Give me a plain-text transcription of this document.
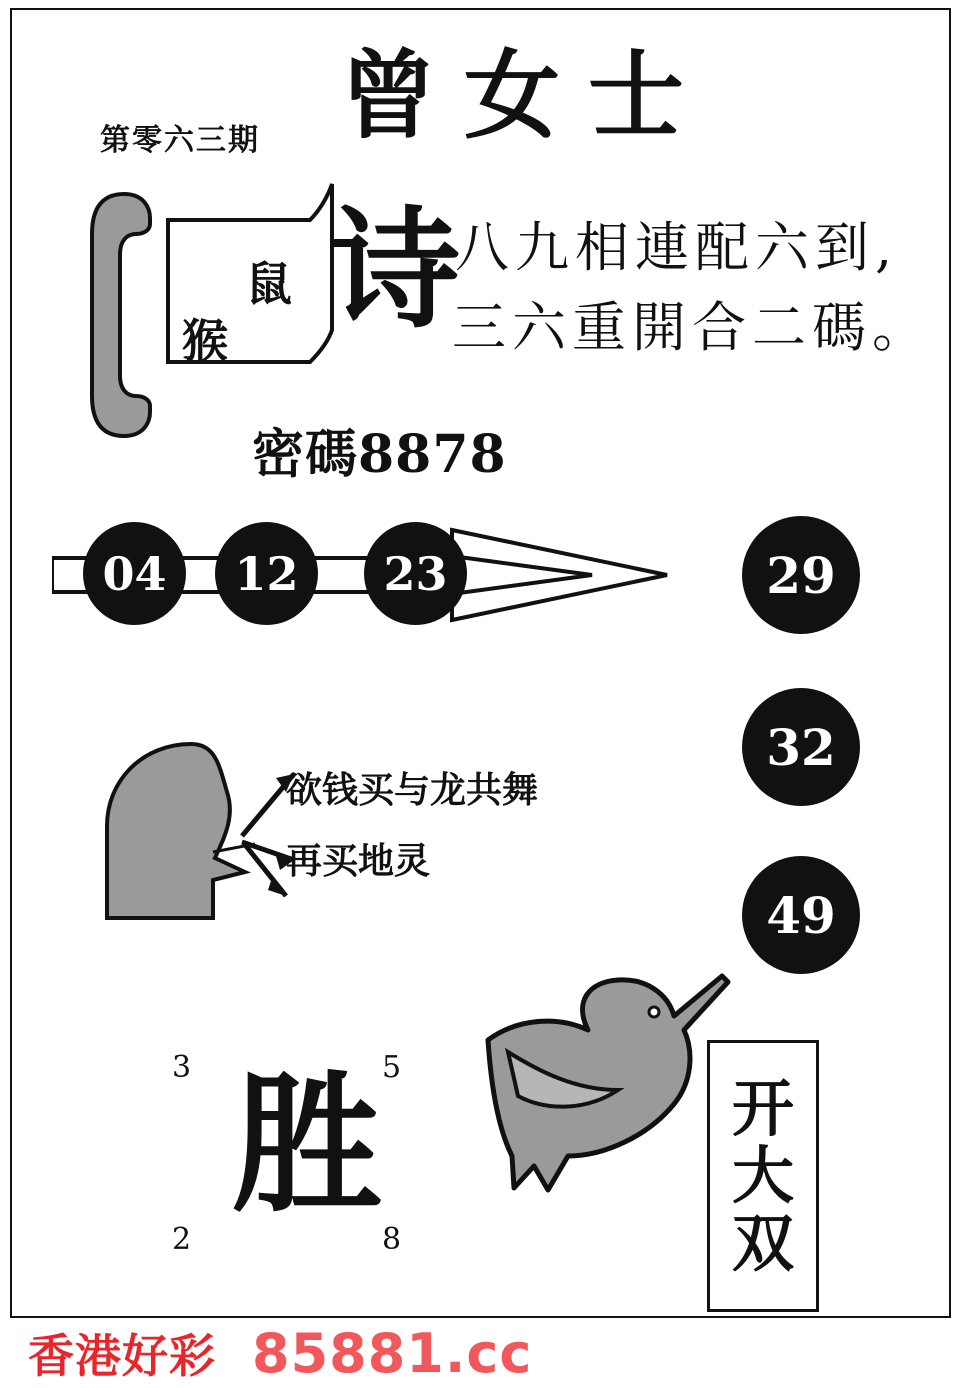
第零六三期 曾女士
鼠
猴 诗
八九相連配六到,
三六重開合二碼。
密碼8878
04	12	23	29
32
49
欲钱买与龙共舞
再买地灵
3	5
2	8
胜	开
大
双
香港好彩 85881.cc
